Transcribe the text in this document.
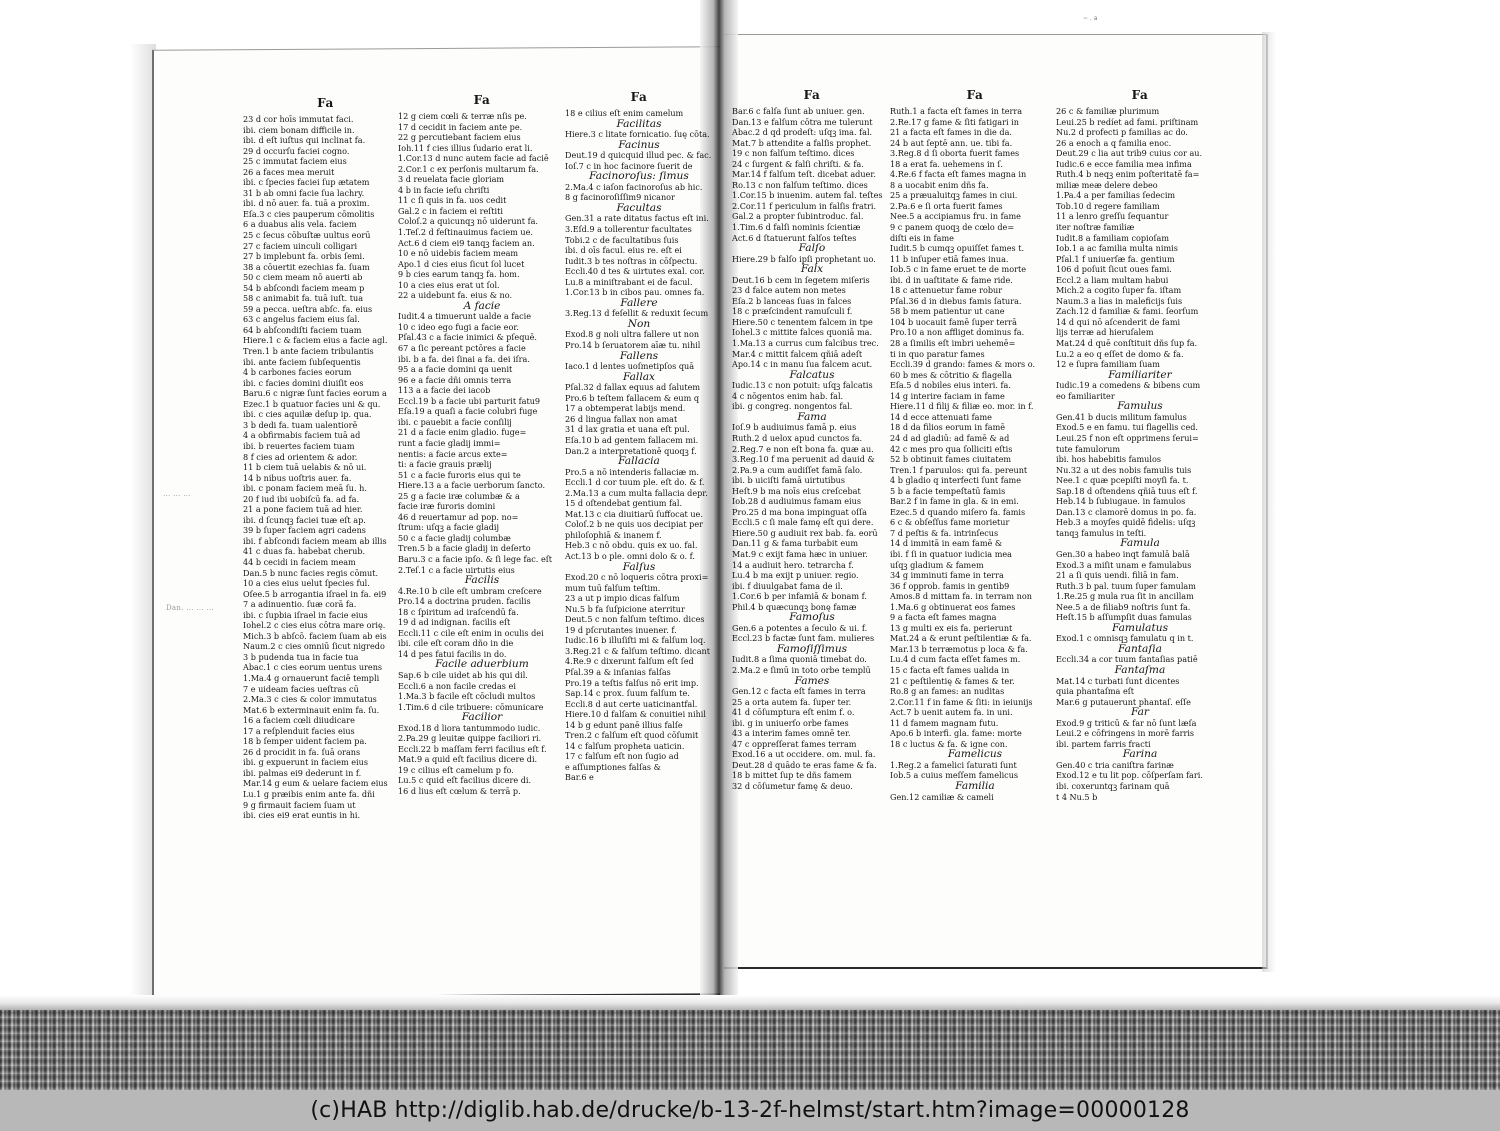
~ . a
... ... ...
Dan. ... ... ...
Fa
23 d cor hoīs immutat faci.
ibi. ciem bonam difficile in.
ibi. d eſt iuſtus qui inclinat fa.
29 d occurſu faciei cogno.
25 c immutat faciem eius
26 a faces mea meruit
ibi. c ſpecies faciei ſup ætatem
31 b ab omni facie ſua lachry.
ibi. d nō auer. fa. tuā a proxim.
Eſa.3 c cies pauperum cōmolitis
6 a duabus alis vela. faciem
25 c ſecus cōbuſtæ uultus eorū
27 c faciem uinculi colligari
27 b implebunt fa. orbis ſemi.
38 a cōuertit ezechias fa. ſuam
50 c ciem meam nō auerti ab
54 b abſcondi faciem meam p
58 c animabit fa. tuā iuſt. tua
59 a pecca. ueſtra abſc. fa. eius
63 c angelus faciem eius ſal.
64 b abſcondiſti faciem tuam
Hiere.1 c & faciem eius a facie agl.
Tren.1 b ante faciem tribulantis
ibi. ante faciem ſubſequentis
4 b carbones facies eorum
ibi. c facies domini diuiſit eos
Baru.6 c nigræ ſunt facies eorum a
Ezec.1 b quatuor facies uni & qu.
ibi. c cies aquilæ deſup ip. qua.
3 b dedi fa. tuam ualentiorē
4 a obfirmabis faciem tuā ad
ibi. b reuertes faciem tuam
8 f cies ad orientem & ador.
11 b ciem tuā uelabis & nō ui.
14 b nibus uoſtris auer. fa.
ibi. c ponam faciem meā ſu. h.
20 f iud ibi uobiſcū fa. ad fa.
21 a pone faciem tuā ad hier.
ibi. d ſcunqꝫ faciei tuæ eſt ap.
39 b ſuper faciem agri cadens
ibi. f abſcondi faciem meam ab illis
41 c duas fa. habebat cherub.
44 b cecidi in faciem meam
Dan.5 b nunc facies regis cōmut.
10 a cies eius uelut ſpecies ful.
Oſee.5 b arrogantia iſrael in fa. ei9
7 a adinuentio. ſuæ corā fa.
ibi. c ſupbia iſrael in facie eius
Iohel.2 c cies eius cōtra mare orię.
Mich.3 b abſcō. faciem ſuam ab eis
Naum.2 c cies omniū ſicut nigredo
3 b pudenda tua in facie tua
Abac.1 c cies eorum uentus urens
1.Ma.4 g ornauerunt faciē templi
7 e uideam facies ueſtras cū
2.Ma.3 c cies & color immutatus
Mat.6 b exterminauit enim fa. ſu.
16 a faciem cœli diiudicare
17 a reſplenduit facies eius
18 b ſemper uident faciem pa.
26 d procidit in fa. ſuā orans
ibi. g expuerunt in faciem eius
ibi. palmas ei9 dederunt in f.
Mar.14 g eum & uelare faciem eius
Lu.1 g præibis enim ante fa. dñi
9 g firmauit faciem ſuam ut
ibi. cies ei9 erat euntis in hi.
Fa
12 g ciem cœli & terræ nſis pe.
17 d cecidit in faciem ante pe.
22 g percutiebant faciem eius
Ioh.11 f cies illius ſudario erat li.
1.Cor.13 d nunc autem facie ad faciē
2.Cor.1 c ex perſonis multarum fa.
3 d reuelata facie gloriam
4 b in facie ieſu chriſti
11 c ſi quis in fa. uos cedit
Gal.2 c in faciem ei reſtiti
Coloſ.2 a quicunqꝫ nō uiderunt fa.
1.Teſ.2 d feſtinauimus faciem ue.
Act.6 d ciem ei9 tanqꝫ faciem an.
10 e nō uidebis faciem meam
Apo.1 d cies eius ſicut ſol lucet
9 b cies earum tanqꝫ fa. hom.
10 a cies eius erat ut ſol.
22 a uidebunt fa. eius & no.
A facie
Iudit.4 a timuerunt ualde a facie
10 c ideo ego fugi a facie eor.
Pſal.43 c a facie inimici & pſequē.
67 a ſic pereant pctōres a facie
ibi. b a fa. dei ſinai a fa. dei iſra.
95 a a facie domini qa uenit
96 e a facie dñi omnis terra
113 a a facie dei iacob
Eccl.19 b a facie ubi parturit fatu9
Eſa.19 a quaſi a facie colubri fuge
ibi. c pauebit a facie conſilij
21 d a facie enim gladio. fuge=
runt a facie gladij immi=
nentis: a facie arcus exte=
ti: a facie grauis prælij
51 c a facie furoris eius qui te
Hiere.13 a a facie uerborum ſancto.
25 g a facie iræ columbæ & a
facie iræ furoris domini
46 d reuertamur ad pop. no=
ſtrum: uſqꝫ a facie gladij
50 c a facie gladij columbæ
Tren.5 b a facie gladij in deſerto
Baru.3 c a facie ipſo. & ſi lege fac. eſt
2.Teſ.1 c a facie uirtutis eius
Facilis
4.Re.10 b cile eſt umbram creſcere
Pro.14 a doctrina pruden. facilis
18 c ſpiritum ad iraſcendū fa.
19 d ad indignan. facilis eſt
Eccli.11 c cile eſt enim in oculis dei
ibi. cile eſt coram dño in die
14 d pes fatui facilis in do.
Facile aduerbium
Sap.6 b cile uidet ab his qui dil.
Eccli.6 a non facile credas ei
1.Ma.3 b facile eſt cōcludi multos
1.Tim.6 d cile tribuere: cōmunicare
Facilior
Exod.18 d liora tantummodo iudic.
2.Pa.29 g leuitæ quippe faciliori ri.
Eccli.22 b maſſam ferri facilius eſt f.
Mat.9 a quid eſt facilius dicere di.
19 c cilius eſt camelum p fo.
Lu.5 c quid eſt facilius dicere di.
16 d lius eſt cœlum & terrā p.
Fa
18 e cilius eſt enim camelum
Facilitas
Hiere.3 c litate fornicatio. ſuę cōta.
Facinus
Deut.19 d quicquid illud pec. & fac.
Ioſ.7 c in hoc facinore ſuerit de
Facinoroſus: ſimus
2.Ma.4 c iaſon facinoroſus ab hic.
8 g facinoroſiſſim9 nicanor
Facultas
Gen.31 a rate ditatus factus eſt ini.
3.Eſd.9 a tollerentur facultates
Tobi.2 c de facultatibus ſuis
ibi. d oīs facul. eius re. eſt ei
Iudit.3 b tes noſtras in cōſpectu.
Eccli.40 d tes & uirtutes exal. cor.
Lu.8 a miniſtrabant ei de facul.
1.Cor.13 b in cibos pau. omnes fa.
Fallere
3.Reg.13 d feſellit & reduxit ſecum
Non
Exod.8 g noli ultra fallere ut non
Pro.14 b ſeruatorem aīæ tu. nihil
Fallens
Iaco.1 d lentes uoſmetipſos quā
Fallax
Pſal.32 d fallax equus ad ſalutem
Pro.6 b teſtem fallacem & eum q
17 a obtemperat labijs mend.
26 d lingua fallax non amat
31 d lax gratia et uana eſt pul.
Eſa.10 b ad gentem fallacem mi.
Dan.2 a interpretationē quoqꝫ f.
Fallacia
Pro.5 a nō intenderis fallaciæ m.
Eccli.1 d cor tuum ple. eſt do. & f.
2.Ma.13 a cum multa fallacia depr.
15 d oſtendebat gentium fal.
Mat.13 c cia diuitiarū ſuffocat ue.
Coloſ.2 b ne quis uos decipiat per
philoſophiā & inanem f.
Heb.3 c nō obdu. quis ex uo. fal.
Act.13 b o ple. omni dolo & o. f.
Falſus
Exod.20 c nō loqueris cōtra proxi=
mum tuū falſum teſtim.
23 a ut p impio dicas falſum
Nu.5 b fa ſuſpicione aterritur
Deut.5 c non falſum teſtimo. dices
19 d pſcrutantes inuener. f.
Iudic.16 b illuſiſti mi & falſum loq.
3.Reg.21 c & falſum teſtimo. dicant
4.Re.9 c dixerunt falſum eſt ſed
Pſal.39 a & inſanias falſas
Pro.19 a teſtis falſus nō erit imp.
Sap.14 c prox. ſuum falſum te.
Eccli.8 d aut certe uaticinantfal.
Hiere.10 d falſam & conuitiei nihil
14 b g edunt panē illius falſe
Tren.2 c falſum eſt quod cōſumit
14 c falſum propheta uaticin.
17 c falſum eſt non ſugio ad
e aſſumptiones falſas &
Bar.6 e
Fa
Bar.6 c falſa ſunt ab uniuer. gen.
Dan.13 e falſum cōtra me tulerunt
Abac.2 d qd prodeſt: uſqꝫ ima. fal.
Mat.7 b attendite a falſis prophet.
19 c non falſum teſtimo. dices
24 c ſurgent & falſi chriſti. & fa.
Mar.14 f falſum teſt. dicebat aduer.
Ro.13 c non falſum teſtimo. dices
1.Cor.15 b inuenim. autem fal. teſtes
2.Cor.11 f periculum in falſis fratri.
Gal.2 a propter ſubintroduc. fal.
1.Tim.6 d falſi nominis ſcientiæ
Act.6 d ſtatuerunt falſos teſtes
Falſo
Hiere.29 b falſo ipſi prophetant uo.
Falx
Deut.16 b cem in ſegetem miſeris
23 d falce autem non metes
Eſa.2 b lanceas ſuas in falces
18 c præſcindent ramuſculi f.
Hiere.50 c tenentem falcem in tpe
Iohel.3 c mittite falces quoniā ma.
1.Ma.13 a currus cum falcibus trec.
Mar.4 c mittit falcem qñiā adeſt
Apo.14 c in manu ſua falcem acut.
Falcatus
Iudic.13 c non potuit: uſqꝫ falcatis
4 c nōgentos enim hab. fal.
ibi. g congreg. nongentos fal.
Fama
Ioſ.9 b audiuimus famā p. eius
Ruth.2 d uelox apud cunctos fa.
2.Reg.7 e non eſt bona fa. quæ au.
3.Reg.10 f ma peruenit ad dauid &
2.Pa.9 a cum audiſſet famā ſalo.
ibi. b uiciſti famā uirtutibus
Heſt.9 b ma noīs eius creſcebat
Iob.28 d audiuimus famam eius
Pro.25 d ma bona impinguat oſſa
Eccli.5 c ſi male famę eſt qui dere.
Hiere.50 g audiuit rex bab. fa. eorū
Dan.11 g & fama turbabit eum
Mat.9 c exijt fama hæc in uniuer.
14 a audiuit hero. tetrarcha f.
Lu.4 b ma exijt p uniuer. regio.
ibi. f diuulgabat fama de il.
1.Cor.6 b per infamiā & bonam f.
Phil.4 b quæcunqꝫ bonę famæ
Famoſus
Gen.6 a potentes a ſeculo & ui. f.
Eccl.23 b factæ ſunt fam. mulieres
Famoſiſſimus
Iudit.8 a ſima quoniā timebat do.
2.Ma.2 e ſimū in toto orbe templū
Fames
Gen.12 c facta eſt fames in terra
25 a orta autem fa. ſuper ter.
41 d cōſumptura eſt enim f. o.
ibi. g in uniuerſo orbe fames
43 a interim fames omnē ter.
47 c oppreſſerat fames terram
Exod.16 a ut occidere. om. mul. fa.
Deut.28 d quādo te eras fame & fa.
18 b mittet ſup te dñs famem
32 d cōſumetur famę & deuo.
Fa
Ruth.1 a facta eſt fames in terra
2.Re.17 g fame & ſiti fatigari in
21 a facta eſt fames in die da.
24 b aut ſeptē ann. ue. tibi fa.
3.Reg.8 d ſi oborta fuerit fames
18 a erat fa. uehemens in ſ.
4.Re.6 f facta eſt fames magna in
8 a uocabit enim dñs fa.
25 a præualuitqꝫ fames in ciui.
2.Pa.6 e ſi orta fuerit fames
Nee.5 a accipiamus fru. in fame
9 c panem quoqꝫ de cœlo de=
diſti eis in fame
Iudit.5 b cumqꝫ opuiſſet fames t.
11 b inſuper etiā fames inua.
Iob.5 c in fame eruet te de morte
ibi. d in uaſtitate & fame ride.
18 c attenuetur fame robur
Pſal.36 d in diebus famis ſatura.
58 b mem patientur ut cane
104 b uocauit famē ſuper terrā
Pro.10 a non affliget dominus fa.
28 a ſimilis eſt imbri uehemē=
ti in quo paratur fames
Eccli.39 d grando: fames & mors o.
60 b mes & cōtritio & flagella
Eſa.5 d nobiles eius interi. fa.
14 g interire faciam in fame
Hiere.11 d filij & filiæ eo. mor. in f.
14 d ecce attenuati fame
18 d da filios eorum in famē
24 d ad gladiū: ad famē & ad
42 c mes pro qua ſolliciti eſtis
52 b obtinuit fames ciuitatem
Tren.1 f paruulos: qui fa. pereunt
4 b gladio q interfecti ſunt fame
5 b a facie tempeſtatū famis
Bar.2 f in fame in gla. & in emi.
Ezec.5 d quando miſero fa. famis
6 c & obſeſſus fame morietur
7 d peſtis & fa. intrinſecus
14 d immitā in eam famē &
ibi. f ſi in quatuor iudicia mea
uſqꝫ gladium & famem
34 g imminuti fame in terra
36 f opprob. famis in gentib9
Amos.8 d mittam fa. in terram non
1.Ma.6 g obtinuerat eos fames
9 a facta eſt fames magna
13 g multi ex eis fa. perierunt
Mat.24 a & erunt peſtilentiæ & fa.
Mar.13 b terræmotus p loca & fa.
Lu.4 d cum facta eſſet fames m.
15 c facta eſt fames ualida in
21 c peſtilentię & fames & ter.
Ro.8 g an fames: an nuditas
2.Cor.11 f in fame & ſiti: in ieiunijs
Act.7 b uenit autem fa. in uni.
11 d famem magnam futu.
Apo.6 b interfi. gla. fame: morte
18 c luctus & fa. & igne con.
Famelicus
1.Reg.2 a famelici ſaturati ſunt
Iob.5 a cuius meſſem famelicus
Familia
Gen.12 camiliæ & cameli
Fa
26 c & familiæ plurimum
Leui.25 b redíet ad fami. priſtinam
Nu.2 d profecti p familias ac do.
26 a enoch a q familia enoc.
Deut.29 c lia aut trib9 cuius cor au.
Iudic.6 e ecce familia mea infima
Ruth.4 b neqꝫ enim poſteritatē fa=
miliæ meæ delere debeo
1.Pa.4 a per familias ſedecim
Tob.10 d regere familiam
11 a lenro greſſu ſequantur
iter noſtræ familiæ
Iudit.8 a familiam copioſam
Iob.1 a ac familia multa nimis
Pſal.1 f uniuerſæ fa. gentium
106 d poſuit ſicut oues fami.
Eccl.2 a liam multam habui
Mich.2 a cogito ſuper fa. iſtam
Naum.3 a lias in maleficijs ſuis
Zach.12 d familiæ & fami. ſeorſum
14 d qui nō aſcenderit de fami
lijs terræ ad hieruſalem
Mat.24 d quē conſtituit dñs ſup fa.
Lu.2 a eo q eſſet de domo & fa.
12 e ſupra familiam ſuam
Familiariter
Iudic.19 a comedens & bibens cum
eo familiariter
Famulus
Gen.41 b ducis militum famulus
Exod.5 e en famu. tui flagellis ced.
Leui.25 f non eſt opprimens ſerui=
tute famulorum
ibi. hos habebitis famulos
Nu.32 a ut des nobis famulis tuis
Nee.1 c quæ pcepiſti moyſi fa. t.
Sap.18 d oſtendens qñiā tuus eſt f.
Heb.14 b ſubiugaue. in famulos
Dan.13 c clamorē domus in po. fa.
Heb.3 a moyſes quidē fidelis: uſqꝫ
tanqꝫ famulus in teſti.
Famula
Gen.30 a habeo inqt famulā balā
Exod.3 a miſit unam e famulabus
21 a ſi quis uendi. filiā in fam.
Ruth.3 b pal. tuum ſuper famulam
1.Re.25 g mula rua ſit in ancillam
Nee.5 a de filiab9 noſtris ſunt fa.
Heſt.15 b aſſumpſit duas famulas
Famulatus
Exod.1 c omnisqꝫ famulatu q in t.
Fantaſia
Eccli.34 a cor tuum fantaſias patiē
Fantaſma
Mat.14 c turbati ſunt dicentes
quia phantaſma eſt
Mar.6 g putauerunt phantaſ. eſſe
Far
Exod.9 g triticū & far nō ſunt læſa
Leui.2 e cōfringens in morē farris
ibi. partem farris fracti
Farina
Gen.40 c tria caniſtra farinæ
Exod.12 e tu lit pop. cōſperſam fari.
ibi. coxeruntqꝫ farinam quā
t 4 Nu.5 b
(c)HAB http://diglib.hab.de/drucke/b-13-2f-helmst/start.htm?image=00000128
